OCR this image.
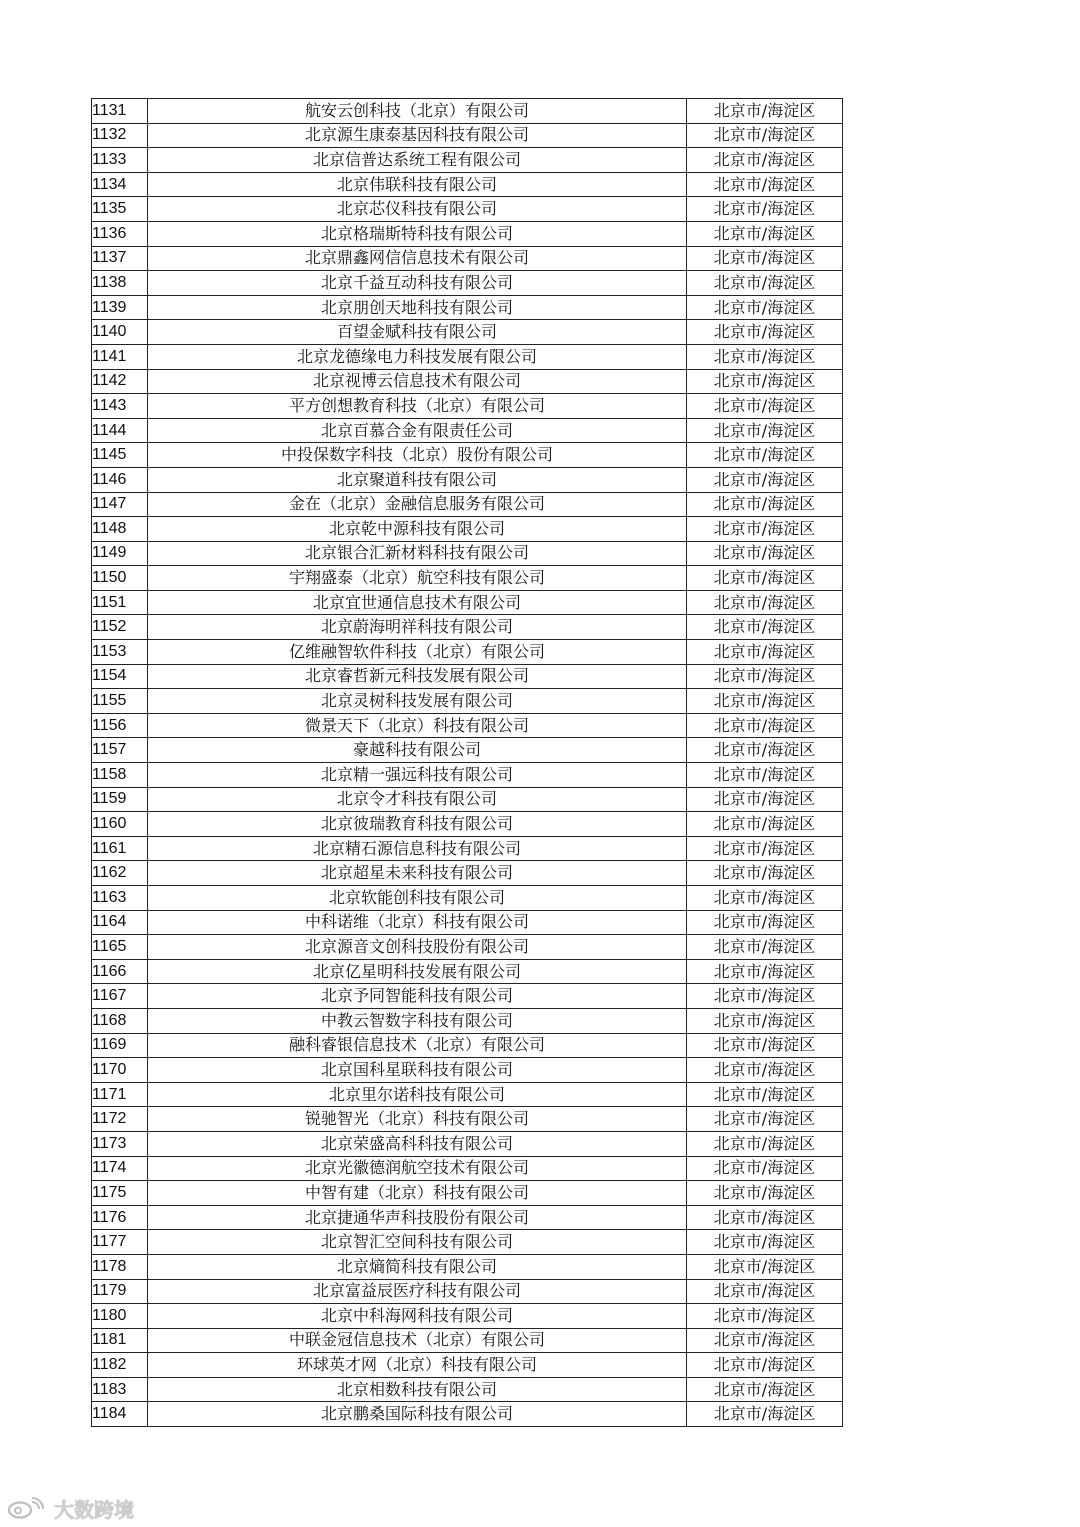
1131	航安云创科技（北京）有限公司	北京市/海淀区
1132	北京源生康泰基因科技有限公司	北京市/海淀区
1133	北京信普达系统工程有限公司	北京市/海淀区
1134	北京伟联科技有限公司	北京市/海淀区
1135	北京芯仪科技有限公司	北京市/海淀区
1136	北京格瑞斯特科技有限公司	北京市/海淀区
1137	北京鼎鑫网信信息技术有限公司	北京市/海淀区
1138	北京千益互动科技有限公司	北京市/海淀区
1139	北京朋创天地科技有限公司	北京市/海淀区
1140	百望金赋科技有限公司	北京市/海淀区
1141	北京龙德缘电力科技发展有限公司	北京市/海淀区
1142	北京视博云信息技术有限公司	北京市/海淀区
1143	平方创想教育科技（北京）有限公司	北京市/海淀区
1144	北京百慕合金有限责任公司	北京市/海淀区
1145	中投保数字科技（北京）股份有限公司	北京市/海淀区
1146	北京聚道科技有限公司	北京市/海淀区
1147	金在（北京）金融信息服务有限公司	北京市/海淀区
1148	北京乾中源科技有限公司	北京市/海淀区
1149	北京银合汇新材料科技有限公司	北京市/海淀区
1150	宇翔盛泰（北京）航空科技有限公司	北京市/海淀区
1151	北京宜世通信息技术有限公司	北京市/海淀区
1152	北京蔚海明祥科技有限公司	北京市/海淀区
1153	亿维融智软件科技（北京）有限公司	北京市/海淀区
1154	北京睿哲新元科技发展有限公司	北京市/海淀区
1155	北京灵树科技发展有限公司	北京市/海淀区
1156	微景天下（北京）科技有限公司	北京市/海淀区
1157	豪越科技有限公司	北京市/海淀区
1158	北京精一强远科技有限公司	北京市/海淀区
1159	北京令才科技有限公司	北京市/海淀区
1160	北京彼瑞教育科技有限公司	北京市/海淀区
1161	北京精石源信息科技有限公司	北京市/海淀区
1162	北京超星未来科技有限公司	北京市/海淀区
1163	北京软能创科技有限公司	北京市/海淀区
1164	中科诺维（北京）科技有限公司	北京市/海淀区
1165	北京源音文创科技股份有限公司	北京市/海淀区
1166	北京亿星明科技发展有限公司	北京市/海淀区
1167	北京予同智能科技有限公司	北京市/海淀区
1168	中教云智数字科技有限公司	北京市/海淀区
1169	融科睿银信息技术（北京）有限公司	北京市/海淀区
1170	北京国科星联科技有限公司	北京市/海淀区
1171	北京里尔诺科技有限公司	北京市/海淀区
1172	锐驰智光（北京）科技有限公司	北京市/海淀区
1173	北京荣盛高科科技有限公司	北京市/海淀区
1174	北京光徽德润航空技术有限公司	北京市/海淀区
1175	中智有建（北京）科技有限公司	北京市/海淀区
1176	北京捷通华声科技股份有限公司	北京市/海淀区
1177	北京智汇空间科技有限公司	北京市/海淀区
1178	北京熵简科技有限公司	北京市/海淀区
1179	北京富益辰医疗科技有限公司	北京市/海淀区
1180	北京中科海网科技有限公司	北京市/海淀区
1181	中联金冠信息技术（北京）有限公司	北京市/海淀区
1182	环球英才网（北京）科技有限公司	北京市/海淀区
1183	北京相数科技有限公司	北京市/海淀区
1184	北京鹏桑国际科技有限公司	北京市/海淀区
大数跨境
